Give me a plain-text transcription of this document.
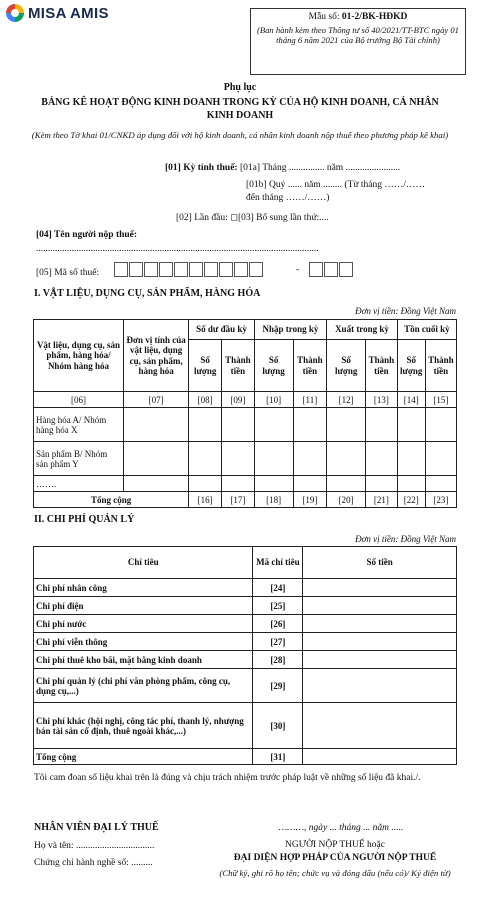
MISA AMIS	Mẫu số: 01-2/BK-HĐKD
(Ban hành kèm theo Thông tư số 40/2021/TT-BTC ngày 01 tháng 6 năm 2021 của Bộ trưởng Bộ Tài chính)
Phụ lục
BẢNG KÊ HOẠT ĐỘNG KINH DOANH TRONG KỲ CỦA HỘ KINH DOANH, CÁ NHÂN KINH DOANH
(Kèm theo Tờ khai 01/CNKD áp dụng đối với hộ kinh doanh, cá nhân kinh doanh nộp thuế theo phương pháp kê khai)
[01] Kỳ tính thuế: [01a] Tháng ............... năm .......................
[01b] Quý ...... năm ........ (Từ tháng ……/……
đến tháng ……/……)
[02] Lần đầu: ◻[03] Bổ sung lần thứ:....
[04] Tên người nộp thuế:
.......................................................................................................................
[05] Mã số thuế:	-
I. VẬT LIỆU, DỤNG CỤ, SẢN PHẨM, HÀNG HÓA
Đơn vị tiền: Đồng Việt Nam
Vật liệu, dụng cụ, sản phẩm, hàng hóa/ Nhóm hàng hóa	Đơn vị tính của vật liệu, dụng cụ, sản phẩm, hàng hóa	Số dư đầu kỳ		Nhập trong kỳ		Xuất trong kỳ		Tồn cuối kỳ	
		Số lượng	Thành tiền	Số lượng	Thành tiền	Số lượng	Thành tiền	Số lượng	Thành tiền
[06]	[07]	[08]	[09]	[10]	[11]	[12]	[13]	[14]	[15]
Hàng hóa A/ Nhóm hàng hóa X									
Sản phẩm B/ Nhóm sản phẩm Y									
…….									
Tổng cộng		[16]	[17]	[18]	[19]	[20]	[21]	[22]	[23]
II. CHI PHÍ QUẢN LÝ
Đơn vị tiền: Đồng Việt Nam
Chỉ tiêu	Mã chỉ tiêu	Số tiền
Chi phí nhân công	[24]	
Chi phí điện	[25]	
Chi phí nước	[26]	
Chi phí viễn thông	[27]	
Chi phí thuê kho bãi, mặt bằng kinh doanh	[28]	
Chi phí quản lý (chi phí văn phòng phẩm, công cụ, dụng cụ,...)	[29]	
Chi phí khác (hội nghị, công tác phí, thanh lý, nhượng bán tài sản cố định, thuê ngoài khác,...)	[30]	
Tổng cộng	[31]	
Tôi cam đoan số liệu khai trên là đúng và chịu trách nhiệm trước pháp luật về những số liệu đã khai./.
NHÂN VIÊN ĐẠI LÝ THUẾ
Họ và tên: .................................
Chứng chỉ hành nghề số: .........
………, ngày ... tháng ... năm .....
NGƯỜI NỘP THUẾ hoặc
ĐẠI DIỆN HỢP PHÁP CỦA NGƯỜI NỘP THUẾ
(Chữ ký, ghi rõ họ tên; chức vụ và đóng dấu (nếu có)/ Ký điện tử)
